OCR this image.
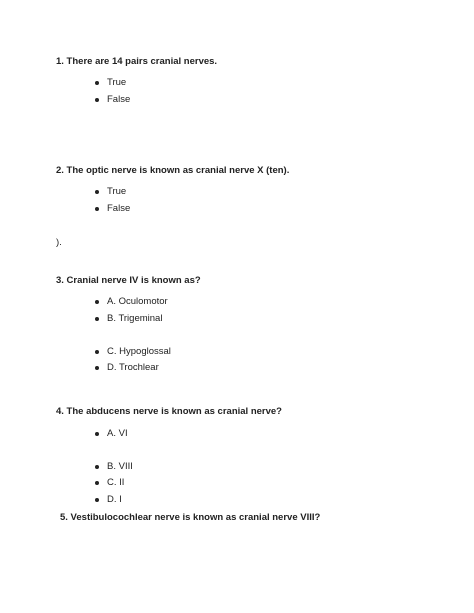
1. There are 14 pairs cranial nerves.
True
False
2. The optic nerve is known as cranial nerve X (ten).
True
False
).
3. Cranial nerve IV is known as?
A. Oculomotor
B. Trigeminal
C. Hypoglossal
D. Trochlear
4. The abducens nerve is known as cranial nerve?
A. VI
B. VIII
C. II
D. I
5. Vestibulocochlear nerve is known as cranial nerve VIII?
